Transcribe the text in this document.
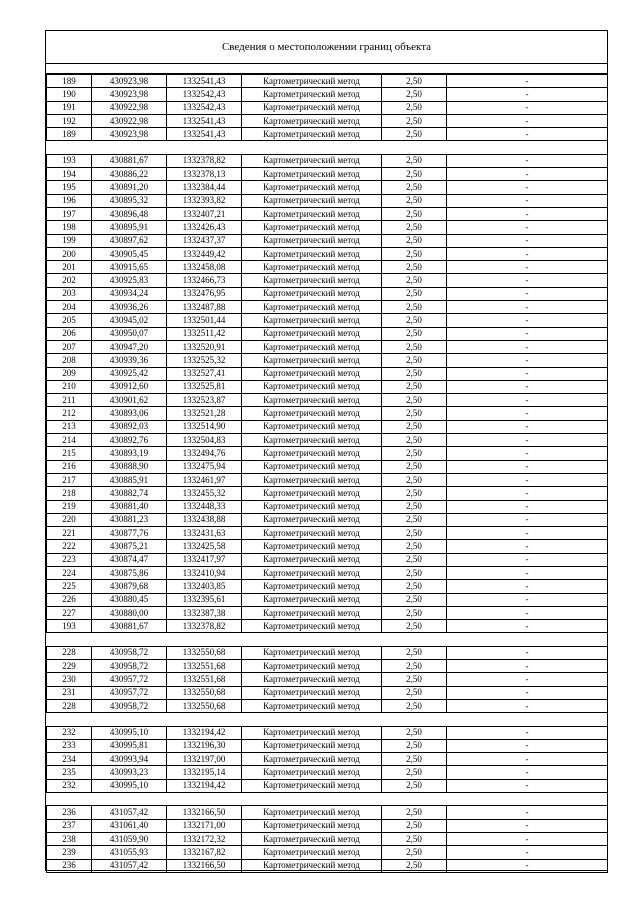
Сведения о местоположении границ объекта
189	430923,98	1332541,43	Картометрический метод	2,50	-
190	430923,98	1332542,43	Картометрический метод	2,50	-
191	430922,98	1332542,43	Картометрический метод	2,50	-
192	430922,98	1332541,43	Картометрический метод	2,50	-
189	430923,98	1332541,43	Картометрический метод	2,50	-

193	430881,67	1332378,82	Картометрический метод	2,50	-
194	430886,22	1332378,13	Картометрический метод	2,50	-
195	430891,20	1332384,44	Картометрический метод	2,50	-
196	430895,32	1332393,82	Картометрический метод	2,50	-
197	430896,48	1332407,21	Картометрический метод	2,50	-
198	430895,91	1332426,43	Картометрический метод	2,50	-
199	430897,62	1332437,37	Картометрический метод	2,50	-
200	430905,45	1332449,42	Картометрический метод	2,50	-
201	430915,65	1332458,08	Картометрический метод	2,50	-
202	430925,83	1332466,73	Картометрический метод	2,50	-
203	430934,24	1332476,95	Картометрический метод	2,50	-
204	430936,26	1332487,88	Картометрический метод	2,50	-
205	430945,02	1332501,44	Картометрический метод	2,50	-
206	430950,07	1332511,42	Картометрический метод	2,50	-
207	430947,20	1332520,91	Картометрический метод	2,50	-
208	430939,36	1332525,32	Картометрический метод	2,50	-
209	430925,42	1332527,41	Картометрический метод	2,50	-
210	430912,60	1332525,81	Картометрический метод	2,50	-
211	430901,62	1332523,87	Картометрический метод	2,50	-
212	430893,06	1332521,28	Картометрический метод	2,50	-
213	430892,03	1332514,90	Картометрический метод	2,50	-
214	430892,76	1332504,83	Картометрический метод	2,50	-
215	430893,19	1332494,76	Картометрический метод	2,50	-
216	430888,90	1332475,94	Картометрический метод	2,50	-
217	430885,91	1332461,97	Картометрический метод	2,50	-
218	430882,74	1332455,32	Картометрический метод	2,50	-
219	430881,40	1332448,33	Картометрический метод	2,50	-
220	430881,23	1332438,88	Картометрический метод	2,50	-
221	430877,76	1332431,63	Картометрический метод	2,50	-
222	430875,21	1332425,58	Картометрический метод	2,50	-
223	430874,47	1332417,97	Картометрический метод	2,50	-
224	430875,86	1332410,94	Картометрический метод	2,50	-
225	430879,68	1332403,85	Картометрический метод	2,50	-
226	430880,45	1332395,61	Картометрический метод	2,50	-
227	430880,00	1332387,38	Картометрический метод	2,50	-
193	430881,67	1332378,82	Картометрический метод	2,50	-

228	430958,72	1332550,68	Картометрический метод	2,50	-
229	430958,72	1332551,68	Картометрический метод	2,50	-
230	430957,72	1332551,68	Картометрический метод	2,50	-
231	430957,72	1332550,68	Картометрический метод	2,50	-
228	430958,72	1332550,68	Картометрический метод	2,50	-

232	430995,10	1332194,42	Картометрический метод	2,50	-
233	430995,81	1332196,30	Картометрический метод	2,50	-
234	430993,94	1332197,00	Картометрический метод	2,50	-
235	430993,23	1332195,14	Картометрический метод	2,50	-
232	430995,10	1332194,42	Картометрический метод	2,50	-

236	431057,42	1332166,50	Картометрический метод	2,50	-
237	431061,40	1332171,00	Картометрический метод	2,50	-
238	431059,90	1332172,32	Картометрический метод	2,50	-
239	431055,93	1332167,82	Картометрический метод	2,50	-
236	431057,42	1332166,50	Картометрический метод	2,50	-
